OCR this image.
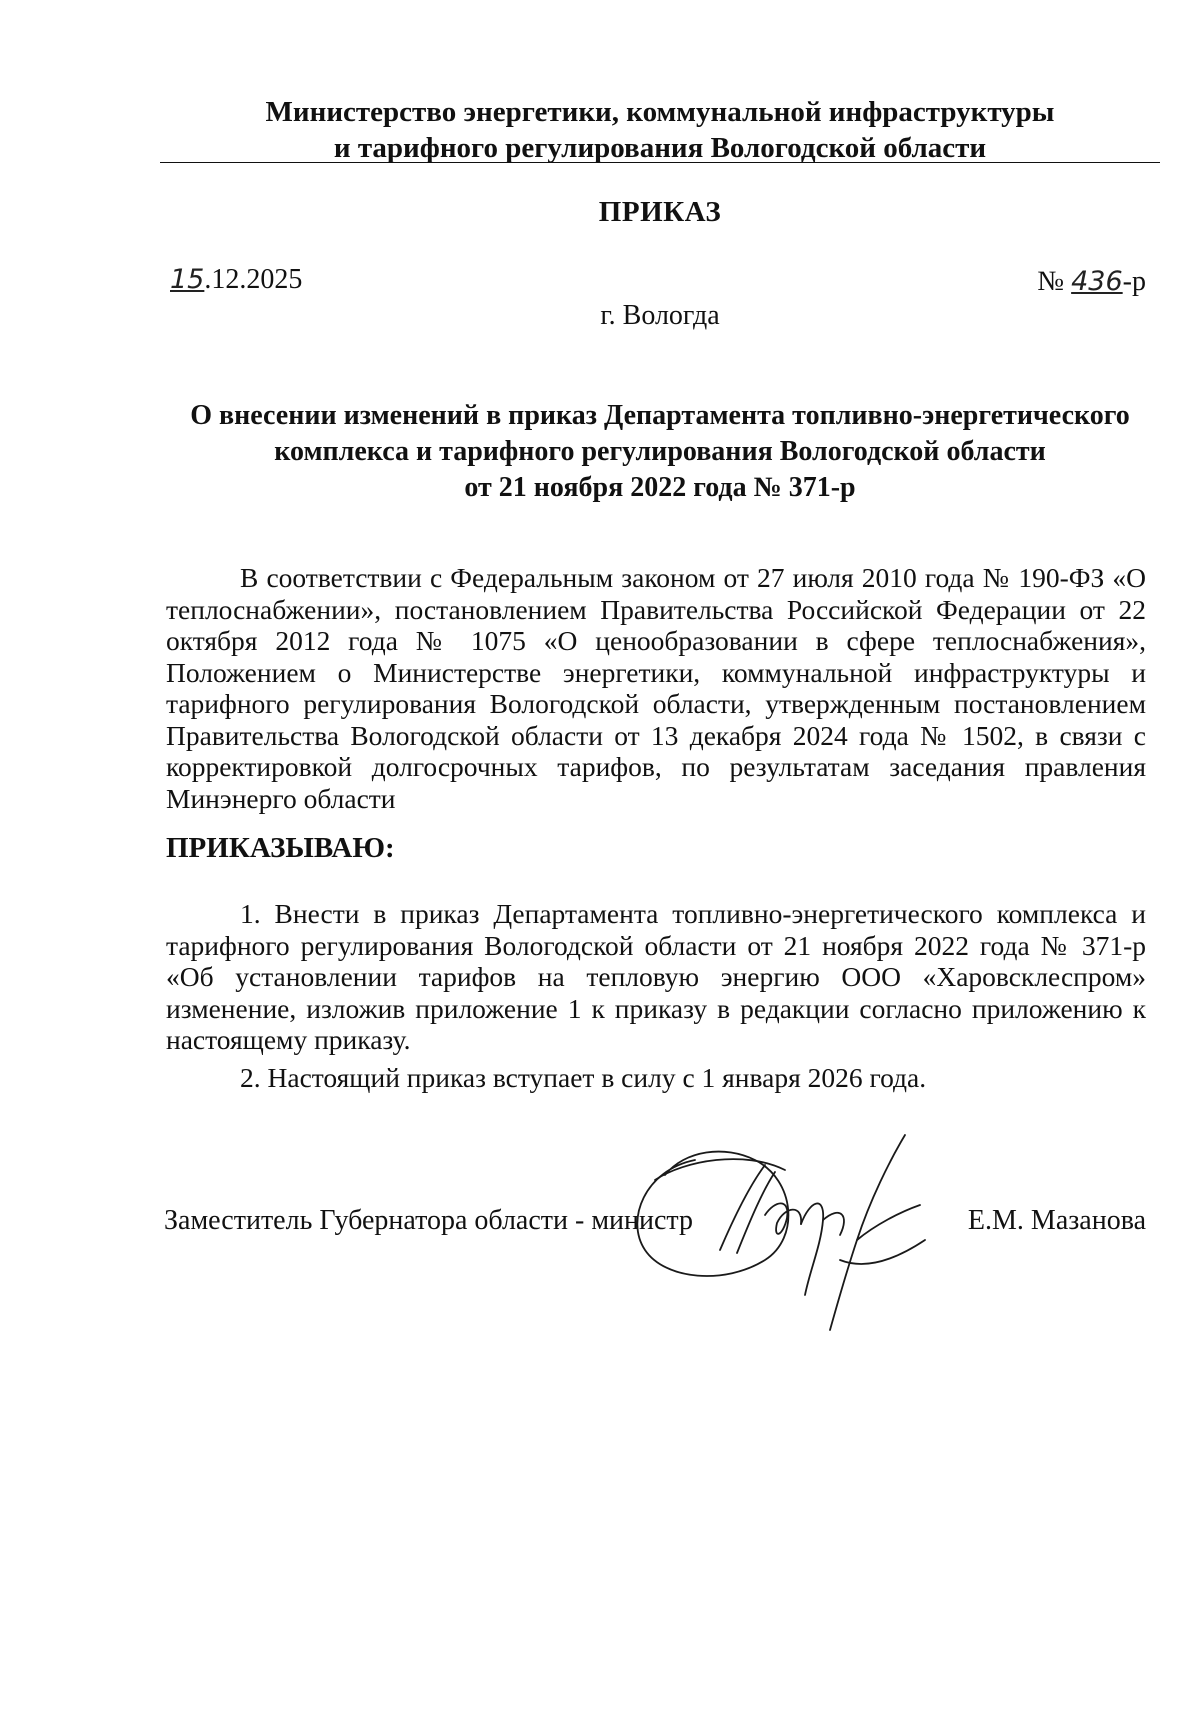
Министерство энергетики, коммунальной инфраструктуры
и тарифного регулирования Вологодской области
ПРИКАЗ
15.12.2025	№ 436-р
г. Вологда
О внесении изменений в приказ Департамента топливно-энергетического
комплекса и тарифного регулирования Вологодской области
от 21 ноября 2022 года № 371-р

В соответствии с Федеральным законом от 27 июля 2010 года № 190-ФЗ «О теплоснабжении», постановлением Правительства Российской Федерации от 22 октября 2012 года № 1075 «О ценообразовании в сфере теплоснабжения», Положением о Министерстве энергетики, коммунальной инфраструктуры и тарифного регулирования Вологодской области, утвержденным постановлением Правительства Вологодской области от 13 декабря 2024 года № 1502, в связи с корректировкой долгосрочных тарифов, по результатам заседания правления Минэнерго области

ПРИКАЗЫВАЮ:

1. Внести в приказ Департамента топливно-энергетического комплекса и тарифного регулирования Вологодской области от 21 ноября 2022 года № 371-р «Об установлении тарифов на тепловую энергию ООО «Харовсклеспром» изменение, изложив приложение 1 к приказу в редакции согласно приложению к настоящему приказу.

2. Настоящий приказ вступает в силу с 1 января 2026 года.

Заместитель Губернатора области - министр	Е.М. Мазанова
